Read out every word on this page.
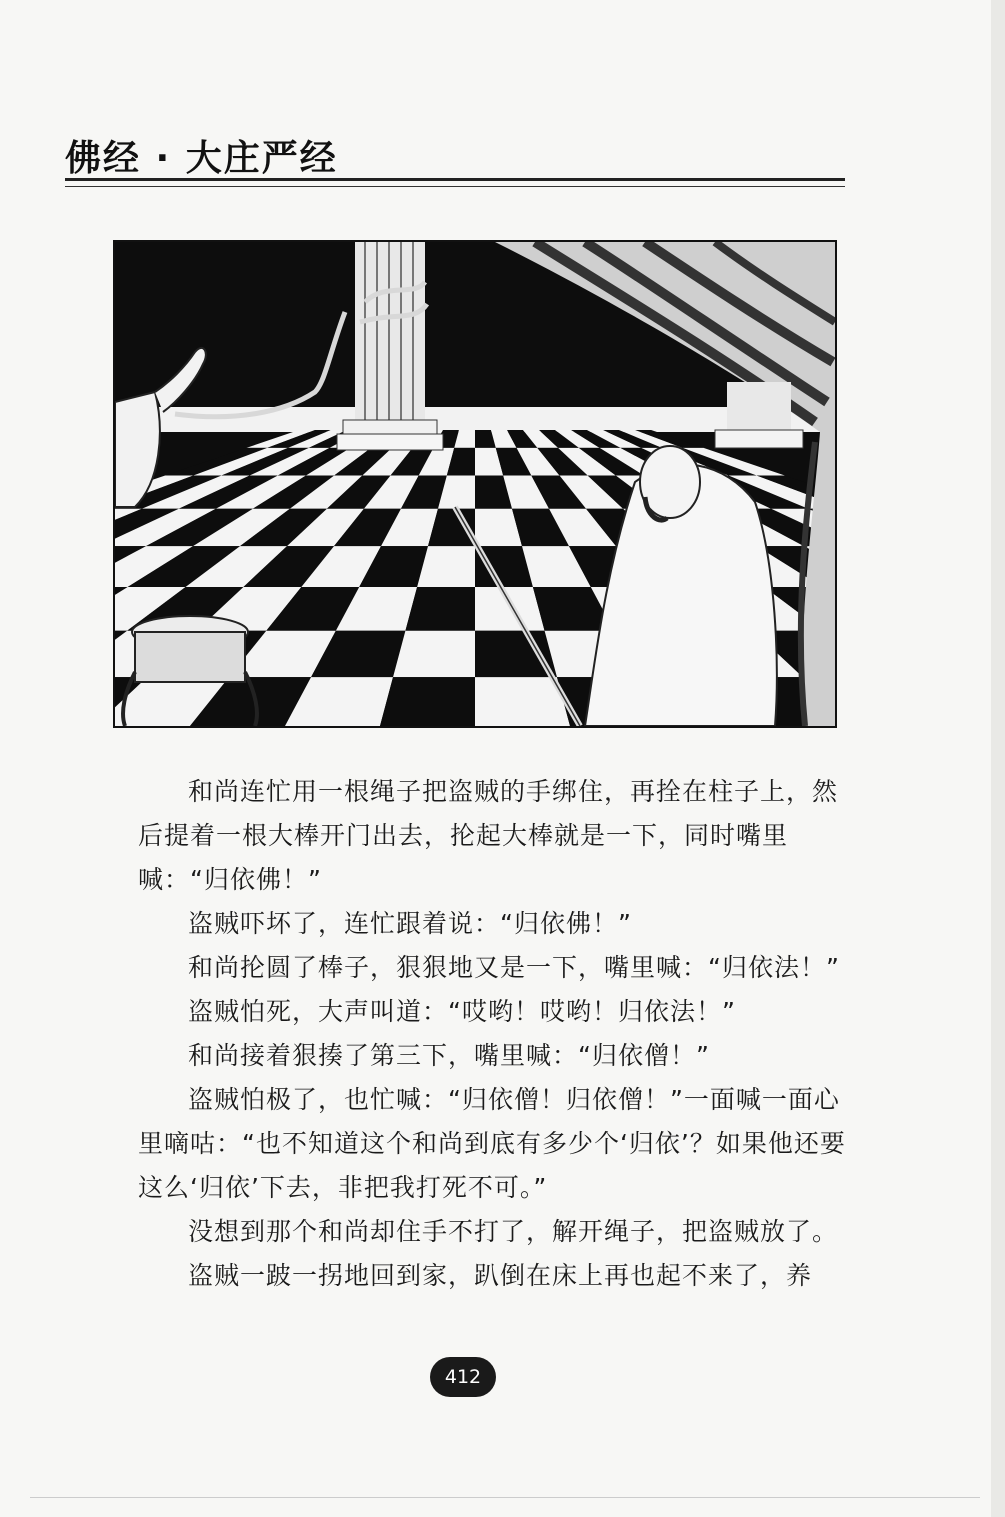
佛经 · 大庄严经

和尚连忙用一根绳子把盗贼的手绑住，再拴在柱子上，然后提着一根大棒开门出去，抡起大棒就是一下，同时嘴里喊：“归依佛！”

盗贼吓坏了，连忙跟着说：“归依佛！”

和尚抡圆了棒子，狠狠地又是一下，嘴里喊：“归依法！”

盗贼怕死，大声叫道：“哎哟！哎哟！归依法！”

和尚接着狠揍了第三下，嘴里喊：“归依僧！”

盗贼怕极了，也忙喊：“归依僧！归依僧！”一面喊一面心里嘀咕：“也不知道这个和尚到底有多少个‘归依’？如果他还要这么‘归依’下去，非把我打死不可。”

没想到那个和尚却住手不打了，解开绳子，把盗贼放了。

盗贼一跛一拐地回到家，趴倒在床上再也起不来了，养

412
